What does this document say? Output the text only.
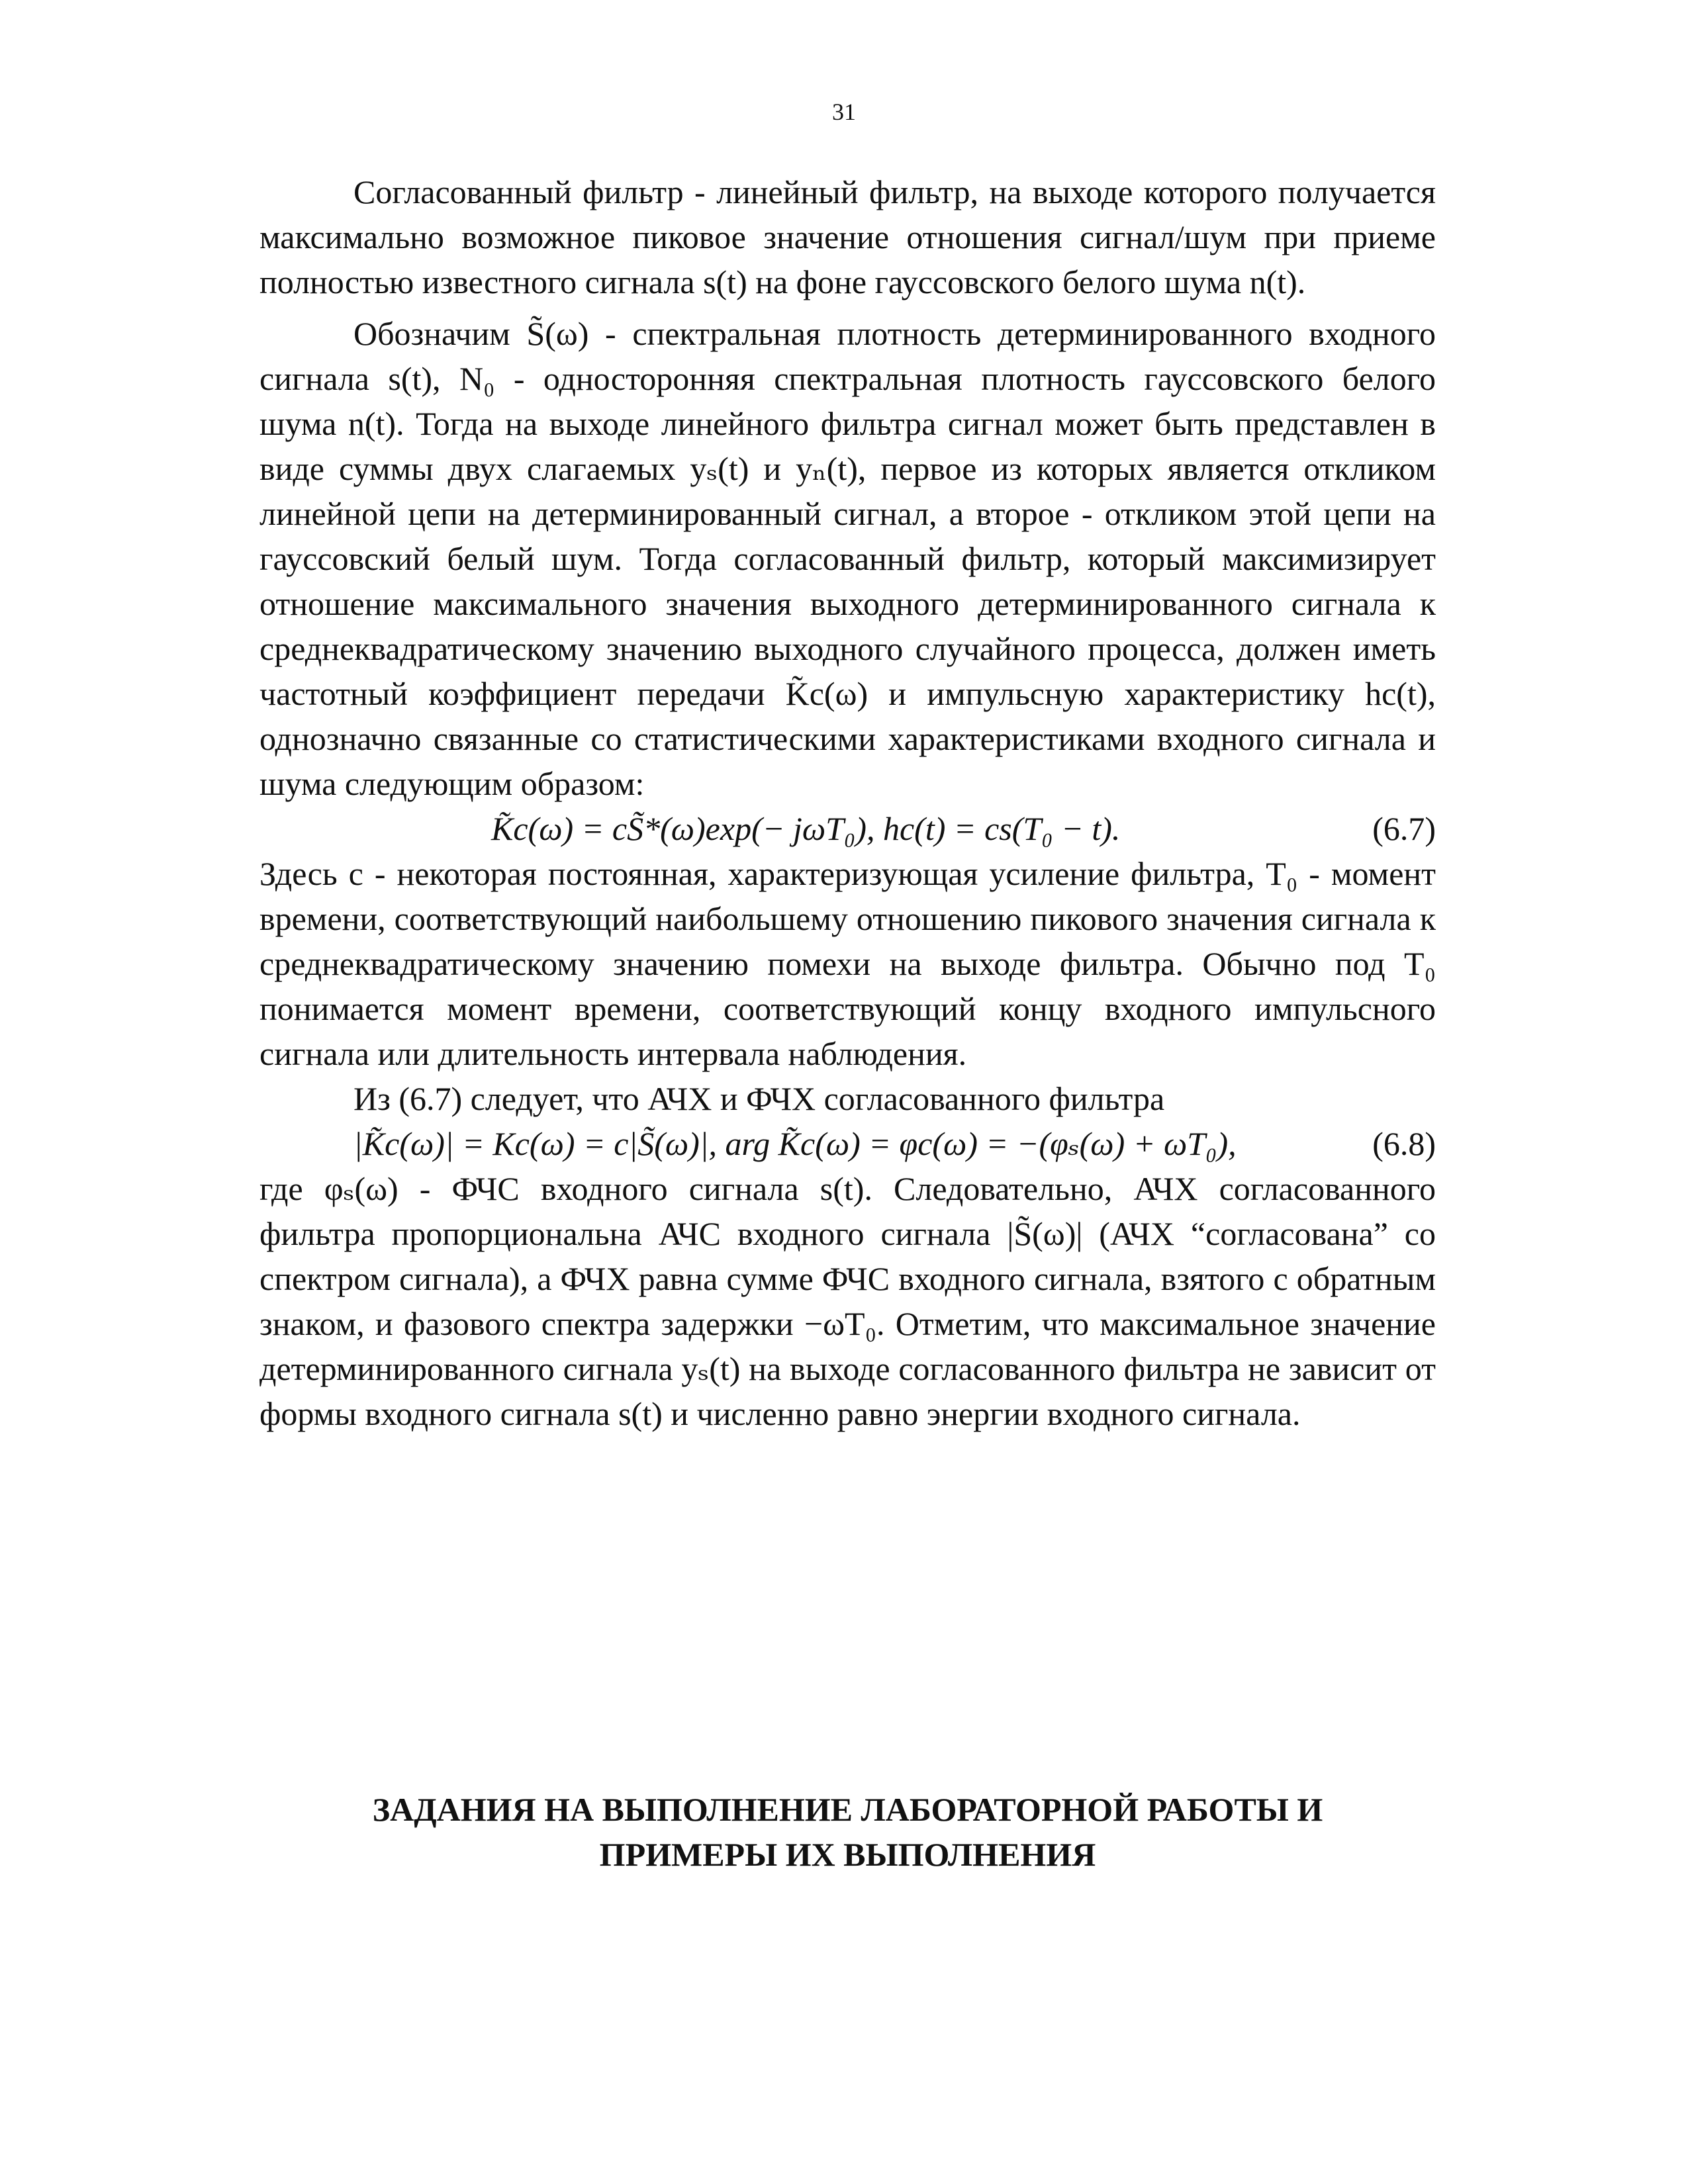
31

Согласованный фильтр - линейный фильтр, на выходе которого получается максимально возможное пиковое значение отношения сигнал/шум при приеме полностью известного сигнала s(t) на фоне гауссовского белого шума n(t).

Обозначим S̃(ω) - спектральная плотность детерминированного входного сигнала s(t), N₀ - односторонняя спектральная плотность гауссовского белого шума n(t). Тогда на выходе линейного фильтра сигнал может быть представлен в виде суммы двух слагаемых yₛ(t) и yₙ(t), первое из которых является откликом линейной цепи на детерминированный сигнал, а второе - откликом этой цепи на гауссовский белый шум. Тогда согласованный фильтр, который максимизирует отношение максимального значения выходного детерминированного сигнала к среднеквадратическому значению выходного случайного процесса, должен иметь частотный коэффициент передачи K̃c(ω) и импульсную характеристику hc(t), однозначно связанные со статистическими характеристиками входного сигнала и шума следующим образом:

K̃c(ω) = cS̃*(ω)exp(− jωT₀), hc(t) = cs(T₀ − t).	(6.7)

Здесь c - некоторая постоянная, характеризующая усиление фильтра, T₀ - момент времени, соответствующий наибольшему отношению пикового значения сигнала к среднеквадратическому значению помехи на выходе фильтра. Обычно под T₀ понимается момент времени, соответствующий концу входного импульсного сигнала или длительность интервала наблюдения.

Из (6.7) следует, что АЧХ и ФЧХ согласованного фильтра

|K̃c(ω)| = Kc(ω) = c|S̃(ω)|, arg K̃c(ω) = φc(ω) = −(φₛ(ω) + ωT₀),	(6.8)

где φₛ(ω) - ФЧС входного сигнала s(t). Следовательно, АЧХ согласованного фильтра пропорциональна АЧС входного сигнала |S̃(ω)| (АЧХ “согласована” со спектром сигнала), а ФЧХ равна сумме ФЧС входного сигнала, взятого с обратным знаком, и фазового спектра задержки −ωT₀. Отметим, что максимальное значение детерминированного сигнала yₛ(t) на выходе согласованного фильтра не зависит от формы входного сигнала s(t) и численно равно энергии входного сигнала.

ЗАДАНИЯ НА ВЫПОЛНЕНИЕ ЛАБОРАТОРНОЙ РАБОТЫ И
ПРИМЕРЫ ИХ ВЫПОЛНЕНИЯ
